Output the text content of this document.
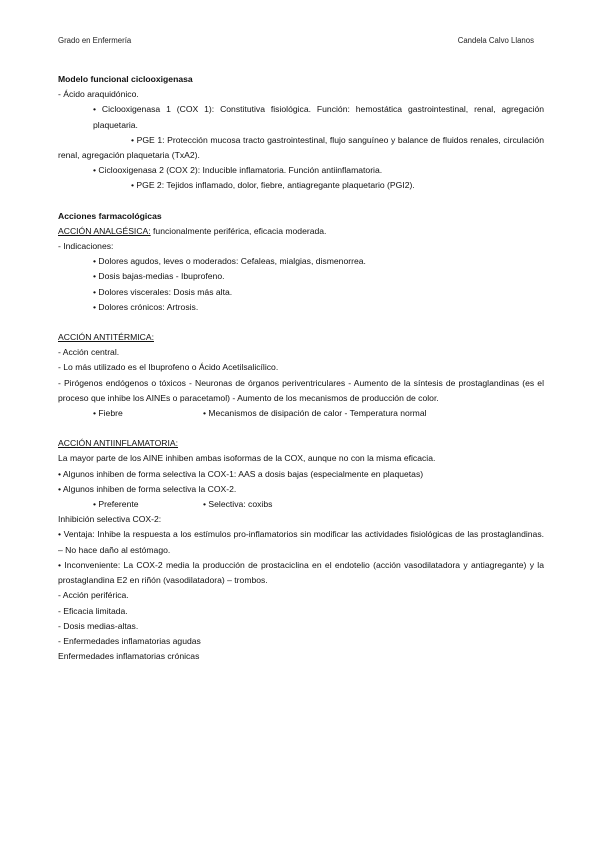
Grado en Enfermería	Candela Calvo Llanos

Modelo funcional ciclooxigenasa

- Ácido araquidónico.

• Ciclooxigenasa 1 (COX 1): Constitutiva fisiológica. Función: hemostática gastrointestinal, renal, agregación plaquetaria.

• PGE 1: Protección mucosa tracto gastrointestinal, flujo sanguíneo y balance de fluidos renales, circulación renal, agregación plaquetaria (TxA2).

• Ciclooxigenasa 2 (COX 2): Inducible inflamatoria. Función antiinflamatoria.

• PGE 2: Tejidos inflamado, dolor, fiebre, antiagregante plaquetario (PGI2).

Acciones farmacológicas

ACCIÓN ANALGÉSICA: funcionalmente periférica, eficacia moderada.

- Indicaciones:

• Dolores agudos, leves o moderados: Cefaleas, mialgias, dismenorrea.

• Dosis bajas-medias - Ibuprofeno.

• Dolores viscerales: Dosis más alta.

• Dolores crónicos: Artrosis.

ACCIÓN ANTITÉRMICA:

- Acción central.

- Lo más utilizado es el Ibuprofeno o Ácido Acetilsalicílico.

- Pirógenos endógenos o tóxicos - Neuronas de órganos periventriculares - Aumento de la síntesis de prostaglandinas (es el proceso que inhibe los AINEs o paracetamol) - Aumento de los mecanismos de producción de color.

• Fiebre	• Mecanismos de disipación de calor - Temperatura normal

ACCIÓN ANTIINFLAMATORIA:

La mayor parte de los AINE inhiben ambas isoformas de la COX, aunque no con la misma eficacia.

• Algunos inhiben de forma selectiva la COX-1: AAS a dosis bajas (especialmente en plaquetas)

• Algunos inhiben de forma selectiva la COX-2.

• Preferente	• Selectiva: coxibs

Inhibición selectiva COX-2:

• Ventaja: Inhibe la respuesta a los estímulos pro-inflamatorios sin modificar las actividades fisiológicas de las prostaglandinas. – No hace daño al estómago.

• Inconveniente: La COX-2 media la producción de prostaciclina en el endotelio (acción vasodilatadora y antiagregante) y la prostaglandina E2 en riñón (vasodilatadora) – trombos.

- Acción periférica.

- Eficacia limitada.

- Dosis medias-altas.

- Enfermedades inflamatorias agudas

Enfermedades inflamatorias crónicas
